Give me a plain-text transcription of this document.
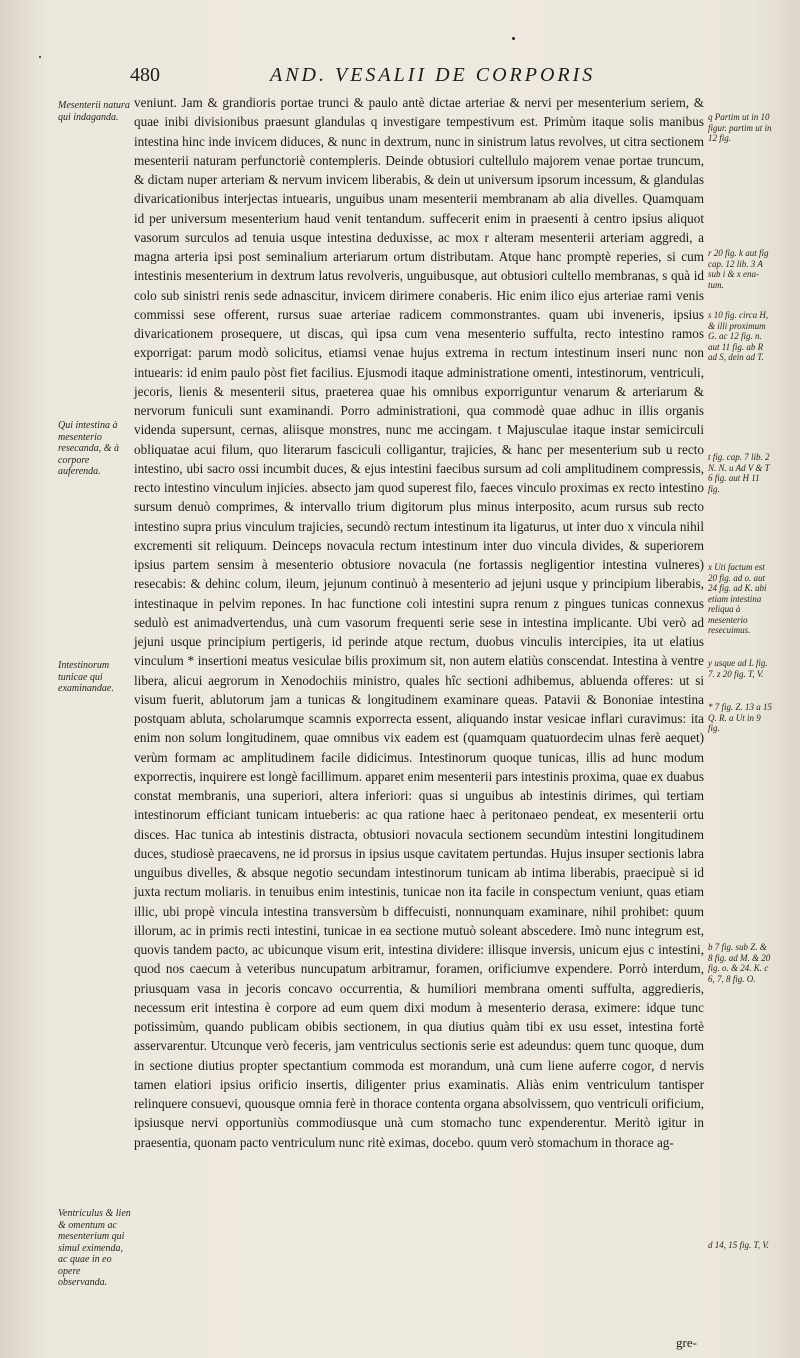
480	AND. VESALII DE CORPORIS
Mesenterii natura qui indaganda.
Qui intestina à mesenterio resecanda, & à corpore auferenda.
Intestinorum tunicae qui examinandae.
Ventriculus & lien & omentum ac mesenterium qui simul eximenda, ac quae in eo opere observanda.

veniunt. Jam & grandioris portae trunci & paulo antè dictae arteriae & nervi per mesenterium seriem, & quae inibi divisionibus praesunt glandulas q investigare tempestivum est. Primùm itaque solis manibus intestina hinc inde invicem diduces, & nunc in dextrum, nunc in sinistrum latus revolves, ut citra sectionem mesenterii naturam perfunctoriè contempleris. Deinde obtusiori cultellulo majorem venae portae truncum, & dictam nuper arteriam & nervum invicem liberabis, & dein ut universum ipsorum incessum, & glandulas divaricationibus interjectas intuearis, unguibus unam mesenterii membranam ab alia divelles. Quamquam id per universum mesenterium haud venit tentandum. suffecerit enim in praesenti à centro ipsius aliquot vasorum surculos ad tenuia usque intestina deduxisse, ac mox r alteram mesenterii arteriam aggredi, a magna arteria ipsi post seminalium arteriarum ortum distributam. Atque hanc promptè reperies, si cum intestinis mesenterium in dextrum latus revolveris, unguibusque, aut obtusiori cultello membranas, s quà id colo sub sinistri renis sede adnascitur, invicem dirimere conaberis. Hic enim ilico ejus arteriae rami venis commissi sese offerent, rursus suae arteriae radicem commonstrantes. quam ubi inveneris, ipsius divaricationem prosequere, ut discas, quì ipsa cum vena mesenterio suffulta, recto intestino ramos exporrigat: parum modò solicitus, etiamsi venae hujus extrema in rectum intestinum inseri nunc non intuearis: id enim paulo pòst fiet facilius. Ejusmodi itaque administratione omenti, intestinorum, ventriculi, jecoris, lienis & mesenterii situs, praeterea quae his omnibus exporriguntur venarum & arteriarum & nervorum funiculi sunt examinandi. Porro administrationi, qua commodè quae adhuc in illis organis videnda supersunt, cernas, aliisque monstres, nunc me accingam. t Majusculae itaque instar semicirculi obliquatae acui filum, quo literarum fasciculi colligantur, trajicies, & hanc per mesenterium sub u recto intestino, ubi sacro ossi incumbit duces, & ejus intestini faecibus sursum ad coli amplitudinem compressis, recto intestino vinculum injicies. absecto jam quod superest filo, faeces vinculo proximas ex recto intestino sursum denuò comprimes, & intervallo trium digitorum plus minus interposito, acum rursus sub recto intestino supra prius vinculum trajicies, secundò rectum intestinum ita ligaturus, ut inter duo x vincula nihil excrementi sit reliquum. Deinceps novacula rectum intestinum inter duo vincula divides, & superiorem ipsius partem sensim à mesenterio obtusiore novacula (ne fortassis negligentior intestina vulneres) resecabis: & dehinc colum, ileum, jejunum continuò à mesenterio ad jejuni usque y principium liberabis, intestinaque in pelvim repones. In hac functione coli intestini supra renum z pingues tunicas connexus sedulò est animadvertendus, unà cum vasorum frequenti serie sese in intestina implicante. Ubi verò ad jejuni usque principium pertigeris, id perinde atque rectum, duobus vinculis intercipies, ita ut elatius vinculum * insertioni meatus vesiculae bilis proximum sit, non autem elatiùs conscendat. Intestina à ventre libera, alicui aegrorum in Xenodochiis ministro, quales hîc sectioni adhibemus, abluenda offeres: ut si visum fuerit, ablutorum jam a tunicas & longitudinem examinare queas. Patavii & Bononiae intestina postquam abluta, scholarumque scamnis exporrecta essent, aliquando instar vesicae inflari curavimus: ita enim non solum longitudinem, quae omnibus vix eadem est (quamquam quatuordecim ulnas ferè aequet) verùm formam ac amplitudinem facile didicimus. Intestinorum quoque tunicas, illis ad hunc modum exporrectis, inquirere est longè facillimum. apparet enim mesenterii pars intestinis proxima, quae ex duabus constat membranis, una superiori, altera inferiori: quas si unguibus ab intestinis dirimes, quì tertiam intestinorum efficiant tunicam intueberis: ac qua ratione haec à peritonaeo pendeat, ex mesenterii ortu disces. Hac tunica ab intestinis distracta, obtusiori novacula sectionem secundùm intestini longitudinem duces, studiosè praecavens, ne id prorsus in ipsius usque cavitatem pertundas. Hujus insuper sectionis labra unguibus divelles, & absque negotio secundam intestinorum tunicam ab intima liberabis, praecipuè si id juxta rectum moliaris. in tenuibus enim intestinis, tunicae non ita facile in conspectum veniunt, quas etiam illic, ubi propè vincula intestina transversùm b diffecuisti, nonnunquam examinare, nihil prohibet: quum illorum, ac in primis recti intestini, tunicae in ea sectione mutuò soleant abscedere. Imò nunc integrum est, quovis tandem pacto, ac ubicunque visum erit, intestina dividere: illisque inversis, unicum ejus c intestini, quod nos caecum à veteribus nuncupatum arbitramur, foramen, orificiumve expendere. Porrò interdum, priusquam vasa in jecoris concavo occurrentia, & humiliori membrana omenti suffulta, aggredieris, necessum erit intestina è corpore ad eum quem dixi modum à mesenterio derasa, eximere: idque tunc potissimùm, quando publicam obibis sectionem, in qua diutius quàm tibi ex usu esset, intestina fortè asservarentur. Utcunque verò feceris, jam ventriculus sectionis serie est adeundus: quem tunc quoque, dum in sectione diutius propter spectantium commoda est morandum, unà cum liene auferre cogor, d nervis tamen elatiori ipsius orificio insertis, diligenter prius examinatis. Aliàs enim ventriculum tantisper relinquere consuevi, quousque omnia ferè in thorace contenta organa absolvissem, quo ventriculi orificium, ipsiusque nervi opportuniùs commodiusque unà cum stomacho tunc expenderentur. Meritò igitur in praesentia, quonam pacto ventriculum nunc ritè eximas, docebo. quum verò stomachum in thorace ag-

q Partim ut in 10 figur. partim ut in 12 fig.
r 20 fig. k aut fig cap. 12 lib. 3 A sub i & x ena-tum.
s 10 fig. circa H, & illi proximum G. ac 12 fig. n. aut 11 fig. ab R ad S, dein ad T.
t fig. cap. 7 lib. 2 N. N. u Ad V & T 6 fig. aut H 11 fig.
x Uti factum est 20 fig. ad o. aut 24 fig. ad K. ubi etiam intestina reliqua à mesenterio resecuimus.
y usque ad L fig. 7. z 20 fig. T, V.
* 7 fig. Z. 13 a 15 Q. R. a Ut in 9 fig.
b 7 fig. sub Z. & 8 fig. ad M. & 20 fig. o. & 24. K. c 6, 7, 8 fig. O.
d 14, 15 fig. T, V.
gre-
